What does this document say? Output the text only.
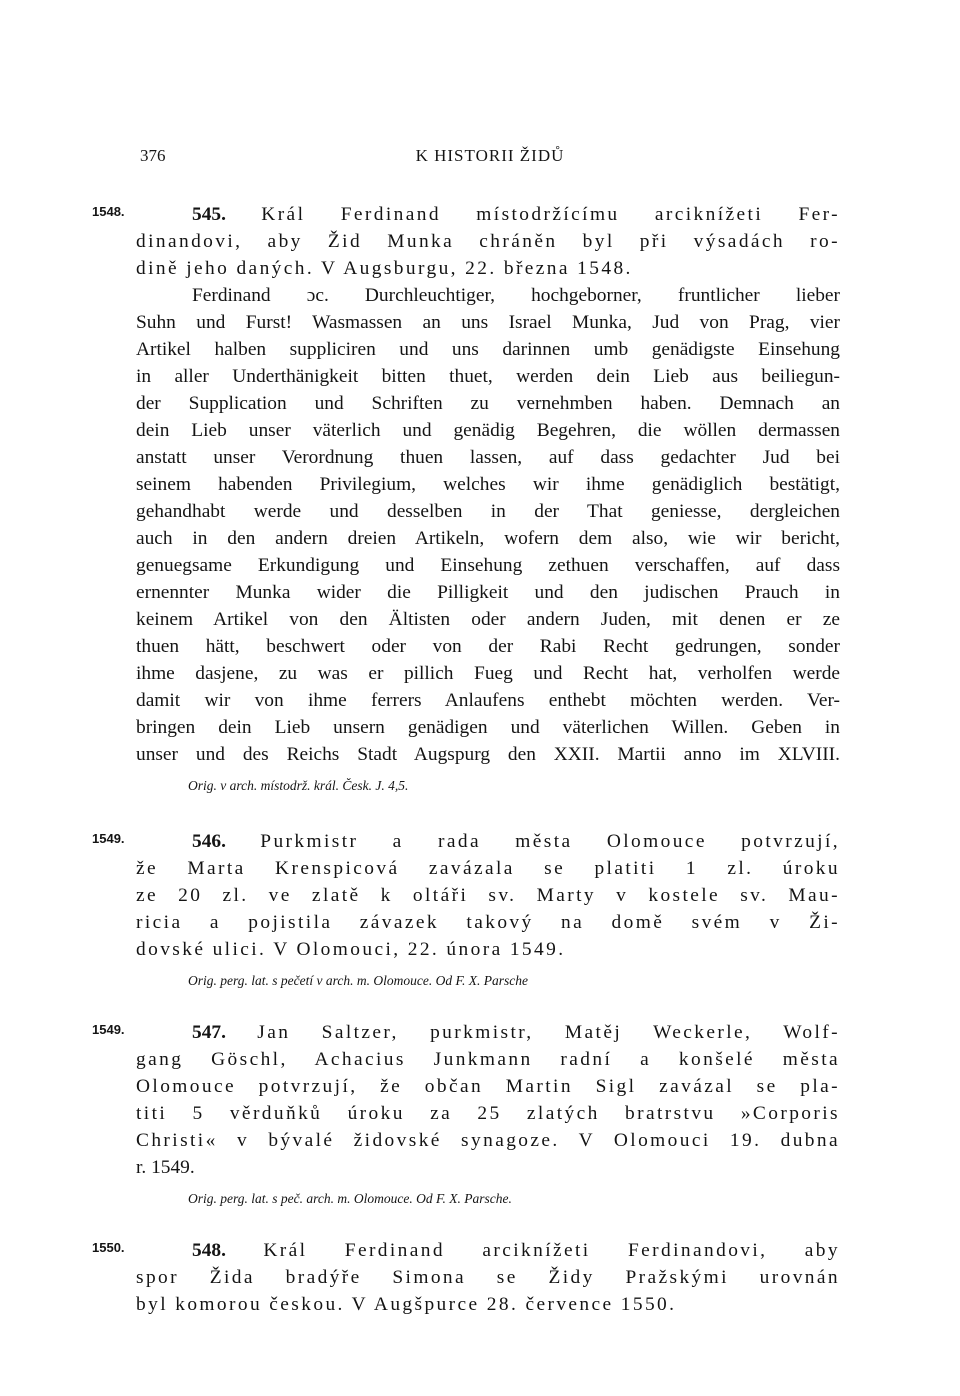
376	K HISTORII ŽIDŮ
1548.	545. Král Ferdinand místodržícímu arciknížeti Fer-
dinandovi, aby Žid Munka chráněn byl při výsadách ro-
dině jeho daných. V Augsburgu, 22. března 1548.
Ferdinand ɔc. Durchleuchtiger, hochgeborner, fruntlicher lieber
Suhn und Furst! Wasmassen an uns Israel Munka, Jud von Prag, vier
Artikel halben suppliciren und uns darinnen umb genädigste Einsehung
in aller Underthänigkeit bitten thuet, werden dein Lieb aus beiliegun-
der Supplication und Schriften zu vernehmben haben. Demnach an
dein Lieb unser väterlich und genädig Begehren, die wöllen dermassen
anstatt unser Verordnung thuen lassen, auf dass gedachter Jud bei
seinem habenden Privilegium, welches wir ihme genädiglich bestätigt,
gehandhabt werde und desselben in der That geniesse, dergleichen
auch in den andern dreien Artikeln, wofern dem also, wie wir bericht,
genuegsame Erkundigung und Einsehung zethuen verschaffen, auf dass
ernennter Munka wider die Pilligkeit und den judischen Prauch in
keinem Artikel von den Ältisten oder andern Juden, mit denen er ze
thuen hätt, beschwert oder von der Rabi Recht gedrungen, sonder
ihme dasjene, zu was er pillich Fueg und Recht hat, verholfen werde
damit wir von ihme ferrers Anlaufens enthebt möchten werden. Ver-
bringen dein Lieb unsern genädigen und väterlichen Willen. Geben in
unser und des Reichs Stadt Augspurg den XXII. Martii anno im XLVIII.
Orig. v arch. místodrž. král. Česk. J. 4,5.
1549.	546. Purkmistr a rada města Olomouce potvrzují,
že Marta Krenspicová zavázala se platiti 1 zl. úroku
ze 20 zl. ve zlatě k oltáři sv. Marty v kostele sv. Mau-
ricia a pojistila závazek takový na domě svém v Ži-
dovské ulici. V Olomouci, 22. února 1549.
Orig. perg. lat. s pečetí v arch. m. Olomouce. Od F. X. Parsche
1549.	547. Jan Saltzer, purkmistr, Matěj Weckerle, Wolf-
gang Göschl, Achacius Junkmann radní a konšelé města
Olomouce potvrzují, že občan Martin Sigl zavázal se pla-
titi 5 věrduňků úroku za 25 zlatých bratrstvu »Corporis
Christi« v bývalé židovské synagoze. V Olomouci 19. dubna
r. 1549.
Orig. perg. lat. s peč. arch. m. Olomouce. Od F. X. Parsche.
1550.	548. Král Ferdinand arciknížeti Ferdinandovi, aby
spor Žida bradýře Simona se Židy Pražskými urovnán
byl komorou českou. V Augšpurce 28. července 1550.
